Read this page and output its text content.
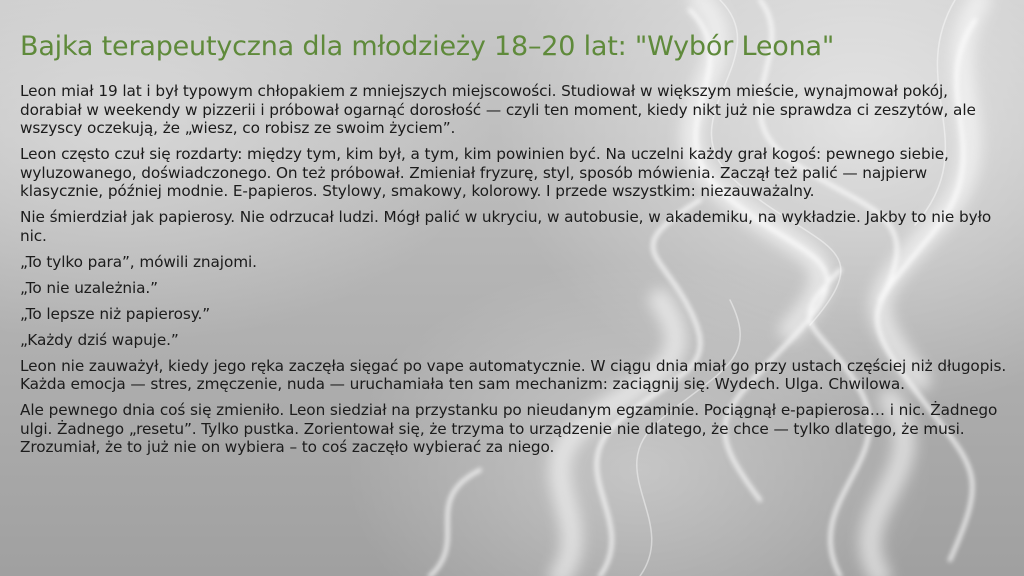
Bajka terapeutyczna dla młodzieży 18–20 lat: "Wybór Leona"

Leon miał 19 lat i był typowym chłopakiem z mniejszych miejscowości. Studiował w większym mieście, wynajmował pokój, dorabiał w weekendy w pizzerii i próbował ogarnąć dorosłość — czyli ten moment, kiedy nikt już nie sprawdza ci zeszytów, ale wszyscy oczekują, że „wiesz, co robisz ze swoim życiem”.

Leon często czuł się rozdarty: między tym, kim był, a tym, kim powinien być. Na uczelni każdy grał kogoś: pewnego siebie, wyluzowanego, doświadczonego. On też próbował. Zmieniał fryzurę, styl, sposób mówienia. Zaczął też palić — najpierw klasycznie, później modnie. E-papieros. Stylowy, smakowy, kolorowy. I przede wszystkim: niezauważalny.

Nie śmierdział jak papierosy. Nie odrzucał ludzi. Mógł palić w ukryciu, w autobusie, w akademiku, na wykładzie. Jakby to nie było nic.

„To tylko para”, mówili znajomi.

„To nie uzależnia.”

„To lepsze niż papierosy.”

„Każdy dziś wapuje.”

Leon nie zauważył, kiedy jego ręka zaczęła sięgać po vape automatycznie. W ciągu dnia miał go przy ustach częściej niż długopis. Każda emocja — stres, zmęczenie, nuda — uruchamiała ten sam mechanizm: zaciągnij się. Wydech. Ulga. Chwilowa.

Ale pewnego dnia coś się zmieniło. Leon siedział na przystanku po nieudanym egzaminie. Pociągnął e-papierosa… i nic. Żadnego ulgi. Żadnego „resetu”. Tylko pustka. Zorientował się, że trzyma to urządzenie nie dlatego, że chce — tylko dlatego, że musi. Zrozumiał, że to już nie on wybiera – to coś zaczęło wybierać za niego.
